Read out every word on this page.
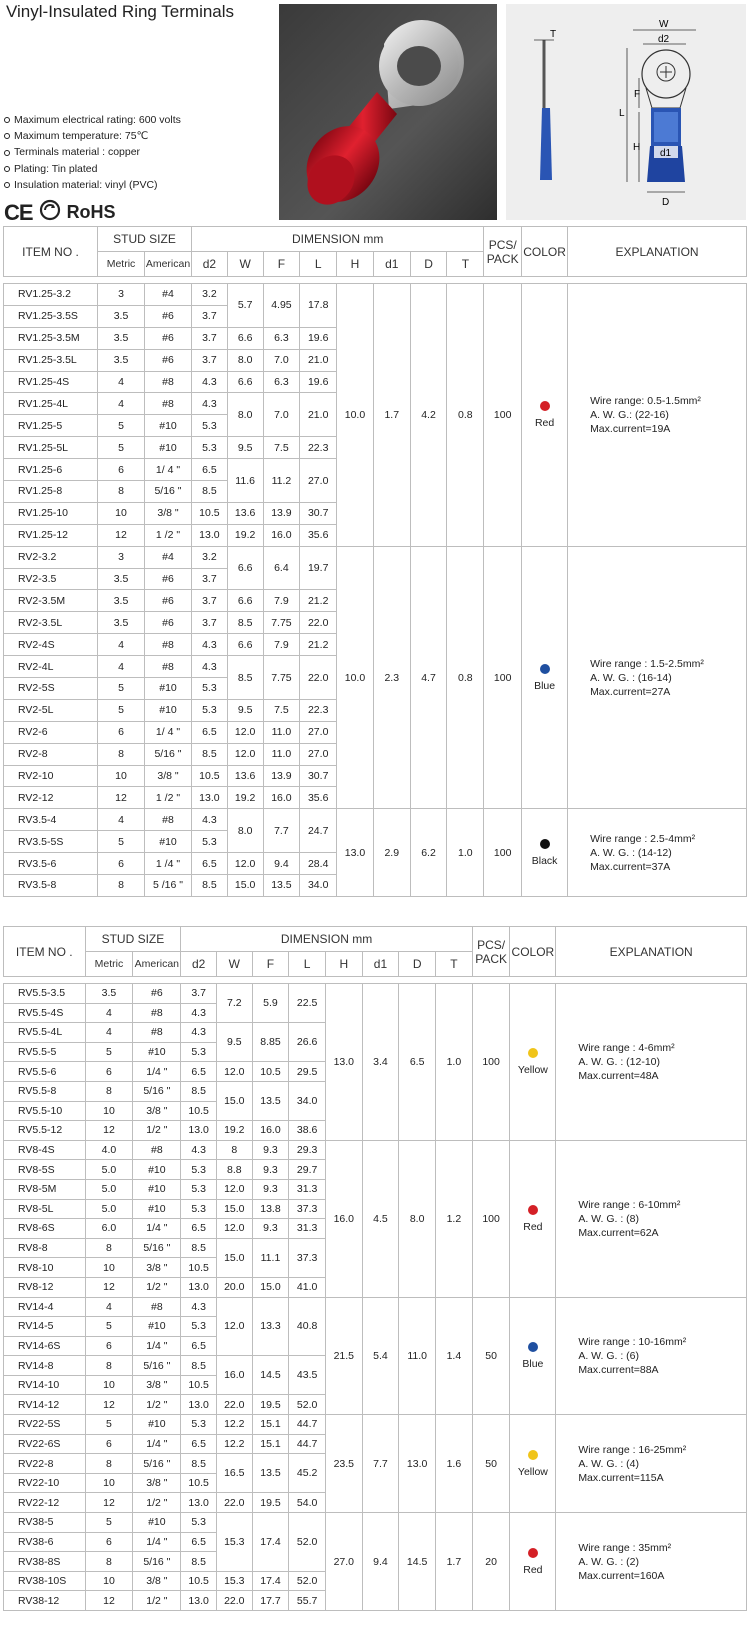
Vinyl-Insulated Ring Terminals
W
d2
d1
L
F
H
D
T
Maximum electrical rating: 600 volts
Maximum temperature: 75℃
Terminals material : copper
Plating: Tin plated
Insulation material: vinyl (PVC)
CE RoHS
ITEM NO .	STUD SIZE		DIMENSION mm								PCS/
PACK	COLOR	EXPLANATION
	Metric	American	d2	W	F	L	H	d1	D	T			

RV1.25-3.2	3	#4	3.2	5.7	4.95	17.8	10.0	1.7	4.2	0.8	100	Red	Wire range: 0.5-1.5mm²
A. W. G.: (22-16)
Max.current=19A

RV1.25-3.5S	3.5	#6	3.7										
RV1.25-3.5M	3.5	#6	3.7	6.6	6.3	19.6							
RV1.25-3.5L	3.5	#6	3.7	8.0	7.0	21.0							
RV1.25-4S	4	#8	4.3	6.6	6.3	19.6							
RV1.25-4L	4	#8	4.3	8.0	7.0	21.0							
RV1.25-5	5	#10	5.3										
RV1.25-5L	5	#10	5.3	9.5	7.5	22.3							
RV1.25-6	6	1/ 4 "	6.5	11.6	11.2	27.0							
RV1.25-8	8	5/16 "	8.5										
RV1.25-10	10	3/8 "	10.5	13.6	13.9	30.7							
RV1.25-12	12	1 /2 "	13.0	19.2	16.0	35.6							
RV2-3.2	3	#4	3.2	6.6	6.4	19.7	10.0	2.3	4.7	0.8	100	Blue	Wire range : 1.5-2.5mm²
A. W. G. : (16-14)
Max.current=27A

RV2-3.5	3.5	#6	3.7										
RV2-3.5M	3.5	#6	3.7	6.6	7.9	21.2							
RV2-3.5L	3.5	#6	3.7	8.5	7.75	22.0							
RV2-4S	4	#8	4.3	6.6	7.9	21.2							
RV2-4L	4	#8	4.3	8.5	7.75	22.0							
RV2-5S	5	#10	5.3										
RV2-5L	5	#10	5.3	9.5	7.5	22.3							
RV2-6	6	1/ 4 "	6.5	12.0	11.0	27.0							
RV2-8	8	5/16 "	8.5	12.0	11.0	27.0							
RV2-10	10	3/8 "	10.5	13.6	13.9	30.7							
RV2-12	12	1 /2 "	13.0	19.2	16.0	35.6							
RV3.5-4	4	#8	4.3	8.0	7.7	24.7	13.0	2.9	6.2	1.0	100	Black	Wire range : 2.5-4mm²
A. W. G. : (14-12)
Max.current=37A

RV3.5-5S	5	#10	5.3										
RV3.5-6	6	1 /4 "	6.5	12.0	9.4	28.4							
RV3.5-8	8	5 /16 "	8.5	15.0	13.5	34.0							
ITEM NO .	STUD SIZE		DIMENSION mm								PCS/
PACK	COLOR	EXPLANATION
	Metric	American	d2	W	F	L	H	d1	D	T			

RV5.5-3.5	3.5	#6	3.7	7.2	5.9	22.5	13.0	3.4	6.5	1.0	100	Yellow	Wire range : 4-6mm²
A. W. G. : (12-10)
Max.current=48A

RV5.5-4S	4	#8	4.3										
RV5.5-4L	4	#8	4.3	9.5	8.85	26.6							
RV5.5-5	5	#10	5.3										
RV5.5-6	6	1/4 "	6.5	12.0	10.5	29.5							
RV5.5-8	8	5/16 "	8.5	15.0	13.5	34.0							
RV5.5-10	10	3/8 "	10.5										
RV5.5-12	12	1/2 "	13.0	19.2	16.0	38.6							
RV8-4S	4.0	#8	4.3	8	9.3	29.3	16.0	4.5	8.0	1.2	100	Red	Wire range : 6-10mm²
A. W. G. : (8)
Max.current=62A

RV8-5S	5.0	#10	5.3	8.8	9.3	29.7							
RV8-5M	5.0	#10	5.3	12.0	9.3	31.3							
RV8-5L	5.0	#10	5.3	15.0	13.8	37.3							
RV8-6S	6.0	1/4 "	6.5	12.0	9.3	31.3							
RV8-8	8	5/16 "	8.5	15.0	11.1	37.3							
RV8-10	10	3/8 "	10.5										
RV8-12	12	1/2 "	13.0	20.0	15.0	41.0							
RV14-4	4	#8	4.3	12.0	13.3	40.8	21.5	5.4	11.0	1.4	50	Blue	Wire range : 10-16mm²
A. W. G. : (6)
Max.current=88A

RV14-5	5	#10	5.3										
RV14-6S	6	1/4 "	6.5										
RV14-8	8	5/16 "	8.5	16.0	14.5	43.5							
RV14-10	10	3/8 "	10.5										
RV14-12	12	1/2 "	13.0	22.0	19.5	52.0							
RV22-5S	5	#10	5.3	12.2	15.1	44.7	23.5	7.7	13.0	1.6	50	Yellow	Wire range : 16-25mm²
A. W. G. : (4)
Max.current=115A

RV22-6S	6	1/4 "	6.5	12.2	15.1	44.7							
RV22-8	8	5/16 "	8.5	16.5	13.5	45.2							
RV22-10	10	3/8 "	10.5										
RV22-12	12	1/2 "	13.0	22.0	19.5	54.0							
RV38-5	5	#10	5.3	15.3	17.4	52.0	27.0	9.4	14.5	1.7	20	Red	Wire range : 35mm²
A. W. G. : (2)
Max.current=160A

RV38-6	6	1/4 "	6.5										
RV38-8S	8	5/16 "	8.5										
RV38-10S	10	3/8 "	10.5	15.3	17.4	52.0							
RV38-12	12	1/2 "	13.0	22.0	17.7	55.7							
